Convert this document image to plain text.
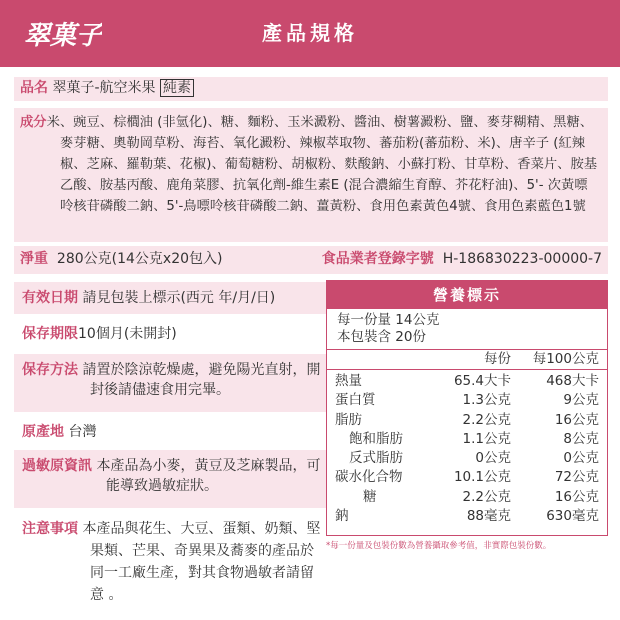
翠菓子	產品規格
品名 翠菓子-航空米果 純素
成分米、豌豆、棕櫚油 (非氫化)、糖、麵粉、玉米澱粉、醬油、樹薯澱粉、鹽、麥芽糊精、黑糖、麥芽糖、奧勒岡草粉、海苔、氧化澱粉、辣椒萃取物、蕃茄粉(蕃茄粉、米)、唐辛子 (紅辣椒、芝麻、羅勒葉、花椒)、葡萄糖粉、胡椒粉、麩酸鈉、小蘇打粉、甘草粉、香菜片、胺基乙酸、胺基丙酸、鹿角菜膠、抗氧化劑-維生素E (混合濃縮生育醇、芥花籽油)、5'- 次黃嘌呤核苷磷酸二鈉、5'-鳥嘌呤核苷磷酸二鈉、薑黃粉、食用色素黃色4號、食用色素藍色1號
淨重 280公克(14公克x20包入)	食品業者登錄字號 H-186830223-00000-7
有效日期 請見包裝上標示(西元 年/月/日)
保存期限10個月(未開封)
保存方法 請置於陰涼乾燥處，避免陽光直射，開封後請儘速食用完畢。
原產地 台灣
過敏原資訊 本產品為小麥，黃豆及芝麻製品，可能導致過敏症狀。
注意事項 本產品與花生、大豆、蛋類、奶類、堅果類、芒果、奇異果及蕎麥的產品於同一工廠生產，對其食物過敏者請留意 。
營養標示
每一份量 14公克
本包裝含 20份
每份	每100公克
熱量	65.4大卡	468大卡
蛋白質	1.3公克	9公克
脂肪	2.2公克	16公克
飽和脂肪	1.1公克	8公克
反式脂肪	0公克	0公克
碳水化合物	10.1公克	72公克
糖	2.2公克	16公克
鈉	88毫克	630毫克
*每一份量及包裝份數為營養攝取參考值，非實際包裝份數。
